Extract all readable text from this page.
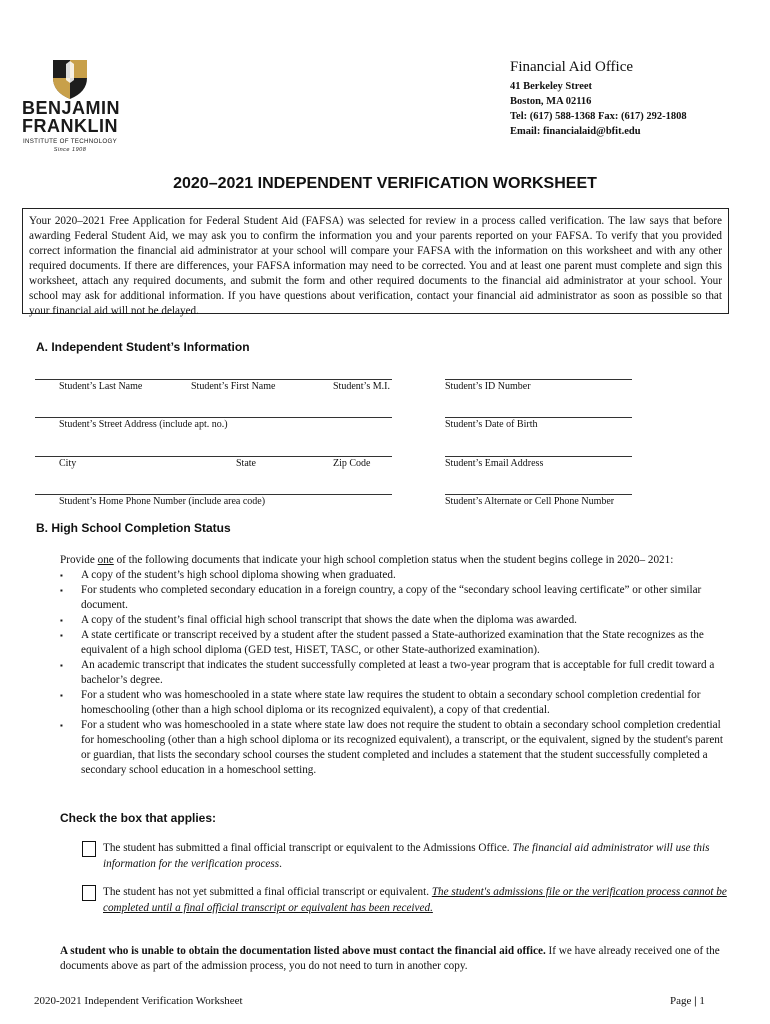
BENJAMIN
FRANKLIN
INSTITUTE OF TECHNOLOGY
Since 1908
Financial Aid Office
41 Berkeley Street
Boston, MA 02116
Tel: (617) 588-1368 Fax: (617) 292-1808
Email: financialaid@bfit.edu
2020–2021 INDEPENDENT VERIFICATION WORKSHEET
Your 2020–2021 Free Application for Federal Student Aid (FAFSA) was selected for review in a process called verification. The law says that before awarding Federal Student Aid, we may ask you to confirm the information you and your parents reported on your FAFSA. To verify that you provided correct information the financial aid administrator at your school will compare your FAFSA with the information on this worksheet and with any other required documents. If there are differences, your FAFSA information may need to be corrected. You and at least one parent must complete and sign this worksheet, attach any required documents, and submit the form and other required documents to the financial aid administrator at your school. Your school may ask for additional information. If you have questions about verification, contact your financial aid administrator as soon as possible so that your financial aid will not be delayed.
A. Independent Student’s Information
Student’s Last Name	Student’s First Name	Student’s M.I.	Student’s ID Number
Student’s Street Address (include apt. no.)	Student’s Date of Birth
City	State	Zip Code	Student’s Email Address
Student’s Home Phone Number (include area code)	Student’s Alternate or Cell Phone Number
B. High School Completion Status
Provide one of the following documents that indicate your high school completion status when the student begins college in 2020– 2021:
▪ A copy of the student’s high school diploma showing when graduated.
▪ For students who completed secondary education in a foreign country, a copy of the “secondary school leaving certificate” or other similar document.
▪ A copy of the student’s final official high school transcript that shows the date when the diploma was awarded.
▪ A state certificate or transcript received by a student after the student passed a State-authorized examination that the State recognizes as the equivalent of a high school diploma (GED test, HiSET, TASC, or other State-authorized examination).
▪ An academic transcript that indicates the student successfully completed at least a two-year program that is acceptable for full credit toward a bachelor’s degree.
▪ For a student who was homeschooled in a state where state law requires the student to obtain a secondary school completion credential for homeschooling (other than a high school diploma or its recognized equivalent), a copy of that credential.
▪ For a student who was homeschooled in a state where state law does not require the student to obtain a secondary school completion credential for homeschooling (other than a high school diploma or its recognized equivalent), a transcript, or the equivalent, signed by the student's parent or guardian, that lists the secondary school courses the student completed and includes a statement that the student successfully completed a secondary school education in a homeschool setting.
Check the box that applies:
The student has submitted a final official transcript or equivalent to the Admissions Office. The financial aid administrator will use this information for the verification process.
The student has not yet submitted a final official transcript or equivalent. The student's admissions file or the verification process cannot be completed until a final official transcript or equivalent has been received.
A student who is unable to obtain the documentation listed above must contact the financial aid office. If we have already received one of the documents above as part of the admission process, you do not need to turn in another copy.
2020-2021 Independent Verification Worksheet	Page | 1
